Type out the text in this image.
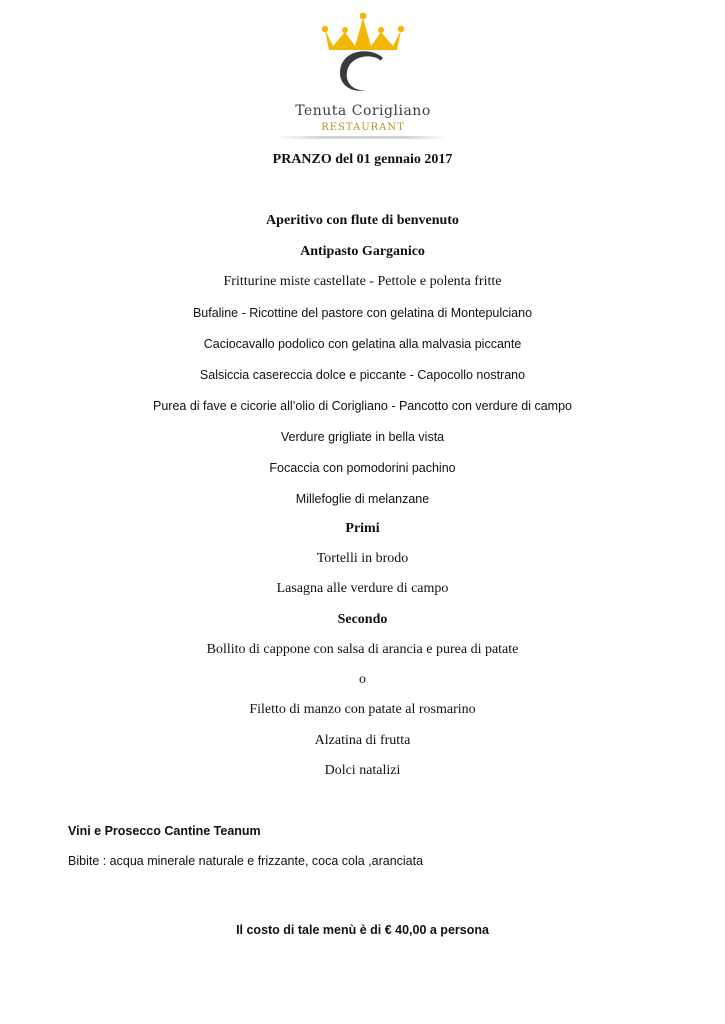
Tenuta Corigliano
RESTAURANT
PRANZO del 01 gennaio 2017
Aperitivo con flute di benvenuto
Antipasto Garganico
Fritturine miste castellate - Pettole e polenta fritte
Bufaline - Ricottine del pastore con gelatina di Montepulciano
Caciocavallo podolico con gelatina alla malvasia piccante
Salsiccia casereccia dolce e piccante - Capocollo nostrano
Purea di fave e cicorie all’olio di Corigliano - Pancotto con verdure di campo
Verdure grigliate in bella vista
Focaccia con pomodorini pachino
Millefoglie di melanzane
Primi
Tortelli in brodo
Lasagna alle verdure di campo
Secondo
Bollito di cappone con salsa di arancia e purea di patate
o
Filetto di manzo con patate al rosmarino
Alzatina di frutta
Dolci natalizi
Vini e Prosecco Cantine Teanum
Bibite : acqua minerale naturale e frizzante, coca cola ,aranciata
Il costo di tale menù è di € 40,00 a persona
